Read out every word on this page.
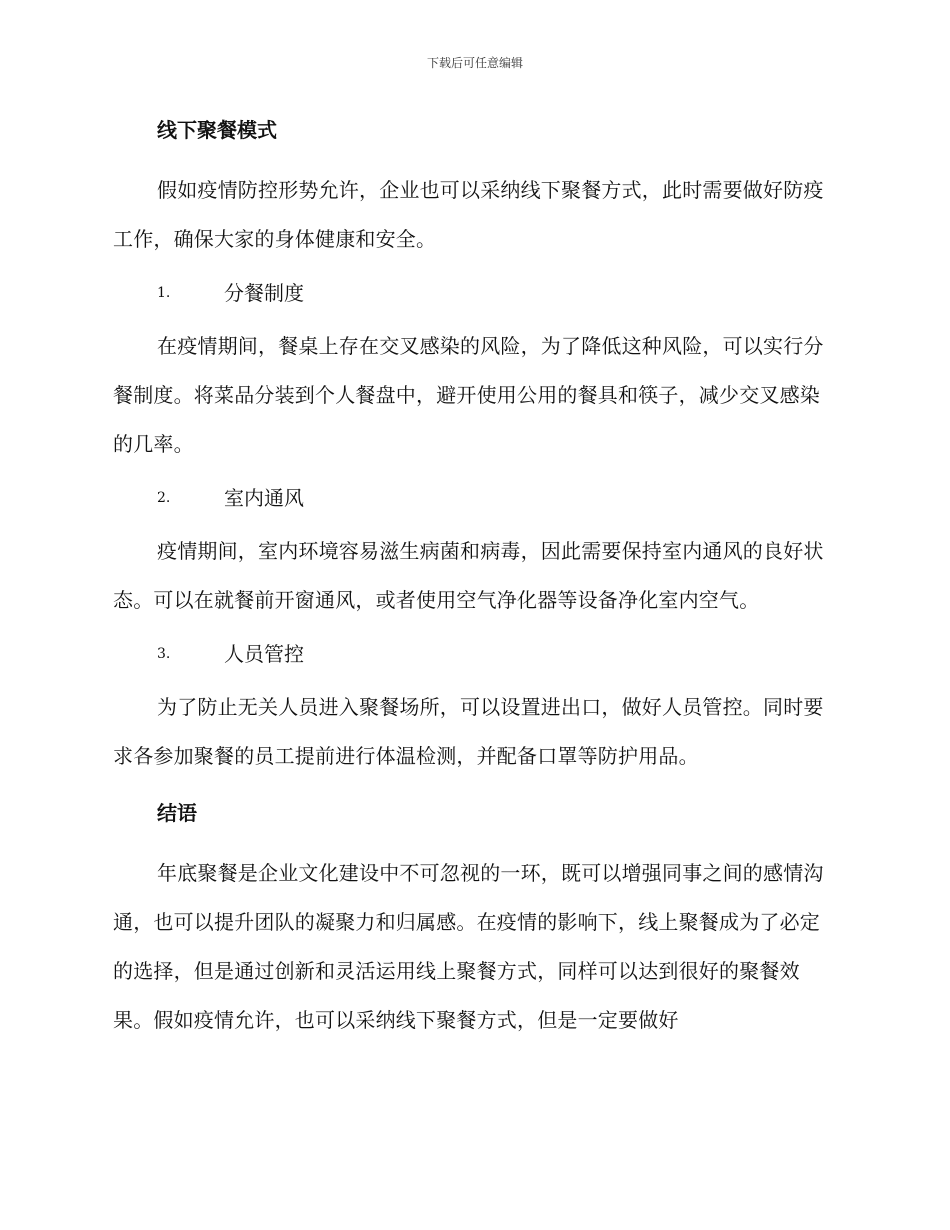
下载后可任意编辑
线下聚餐模式

假如疫情防控形势允许，企业也可以采纳线下聚餐方式，此时需要做好防疫工作，确保大家的身体健康和安全。

1.	分餐制度

在疫情期间，餐桌上存在交叉感染的风险，为了降低这种风险，可以实行分餐制度。将菜品分装到个人餐盘中，避开使用公用的餐具和筷子，减少交叉感染的几率。

2.	室内通风

疫情期间，室内环境容易滋生病菌和病毒，因此需要保持室内通风的良好状态。可以在就餐前开窗通风，或者使用空气净化器等设备净化室内空气。

3.	人员管控

为了防止无关人员进入聚餐场所，可以设置进出口，做好人员管控。同时要求各参加聚餐的员工提前进行体温检测，并配备口罩等防护用品。

结语

年底聚餐是企业文化建设中不可忽视的一环，既可以增强同事之间的感情沟通，也可以提升团队的凝聚力和归属感。在疫情的影响下，线上聚餐成为了必定的选择，但是通过创新和灵活运用线上聚餐方式，同样可以达到很好的聚餐效果。假如疫情允许，也可以采纳线下聚餐方式，但是一定要做好
